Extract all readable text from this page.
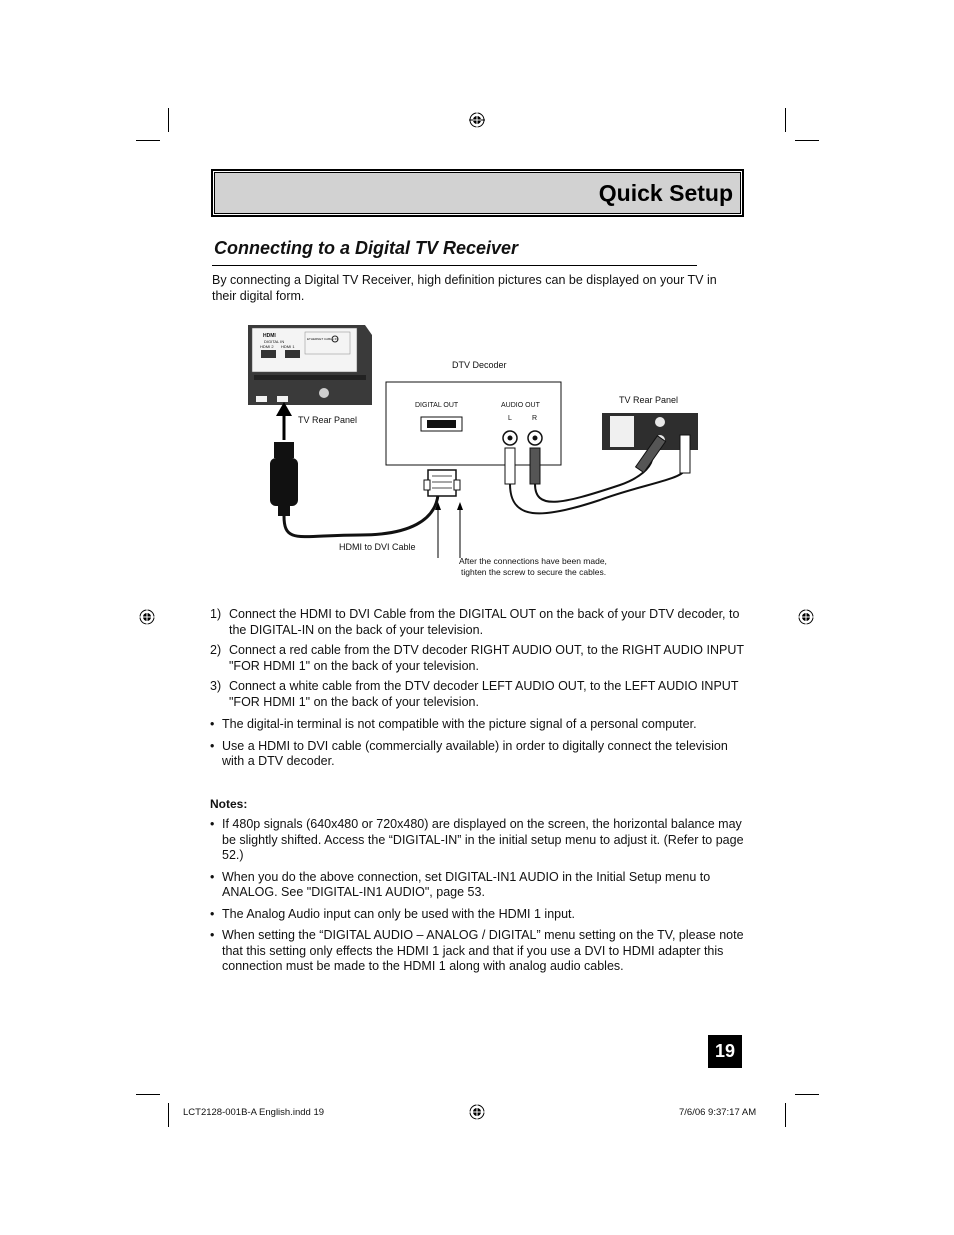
Quick Setup
Connecting to a Digital TV Receiver
By connecting a Digital TV Receiver, high definition pictures can be displayed on your TV in their digital form.
HDMI
DIGITAL IN
HDMI 2 HDMI 1
ETHERNET CABLE IN
TV Rear Panel
DTV Decoder
DIGITAL OUT	AUDIO OUT
L	R
TV Rear Panel
HDMI to DVI Cable
After the connections have been made,
tighten the screw to secure the cables.
1) Connect the HDMI to DVI Cable from the DIGITAL OUT on the back of your DTV decoder, to the DIGITAL-IN on the back of your television.
2) Connect a red cable from the DTV decoder RIGHT AUDIO OUT, to the RIGHT AUDIO INPUT "FOR HDMI 1" on the back of your television.
3) Connect a white cable from the DTV decoder LEFT AUDIO OUT, to the LEFT AUDIO INPUT "FOR HDMI 1" on the back of your television.
• The digital-in terminal is not compatible with the picture signal of a personal computer.
• Use a HDMI to DVI cable (commercially available) in order to digitally connect the television with a DTV decoder.
Notes:
• If 480p signals (640x480 or 720x480) are displayed on the screen, the horizontal balance may be slightly shifted. Access the “DIGITAL-IN” in the initial setup menu to adjust it. (Refer to page 52.)
• When you do the above connection, set DIGITAL-IN1 AUDIO in the Initial Setup menu to ANALOG. See "DIGITAL-IN1 AUDIO", page 53.
• The Analog Audio input can only be used with the HDMI 1 input.
• When setting the “DIGITAL AUDIO – ANALOG / DIGITAL” menu setting on the TV, please note that this setting only effects the HDMI 1 jack and that if you use a DVI to HDMI adapter this connection must be made to the HDMI 1 along with analog audio cables.
19
LCT2128-001B-A English.indd 19	7/6/06 9:37:17 AM
